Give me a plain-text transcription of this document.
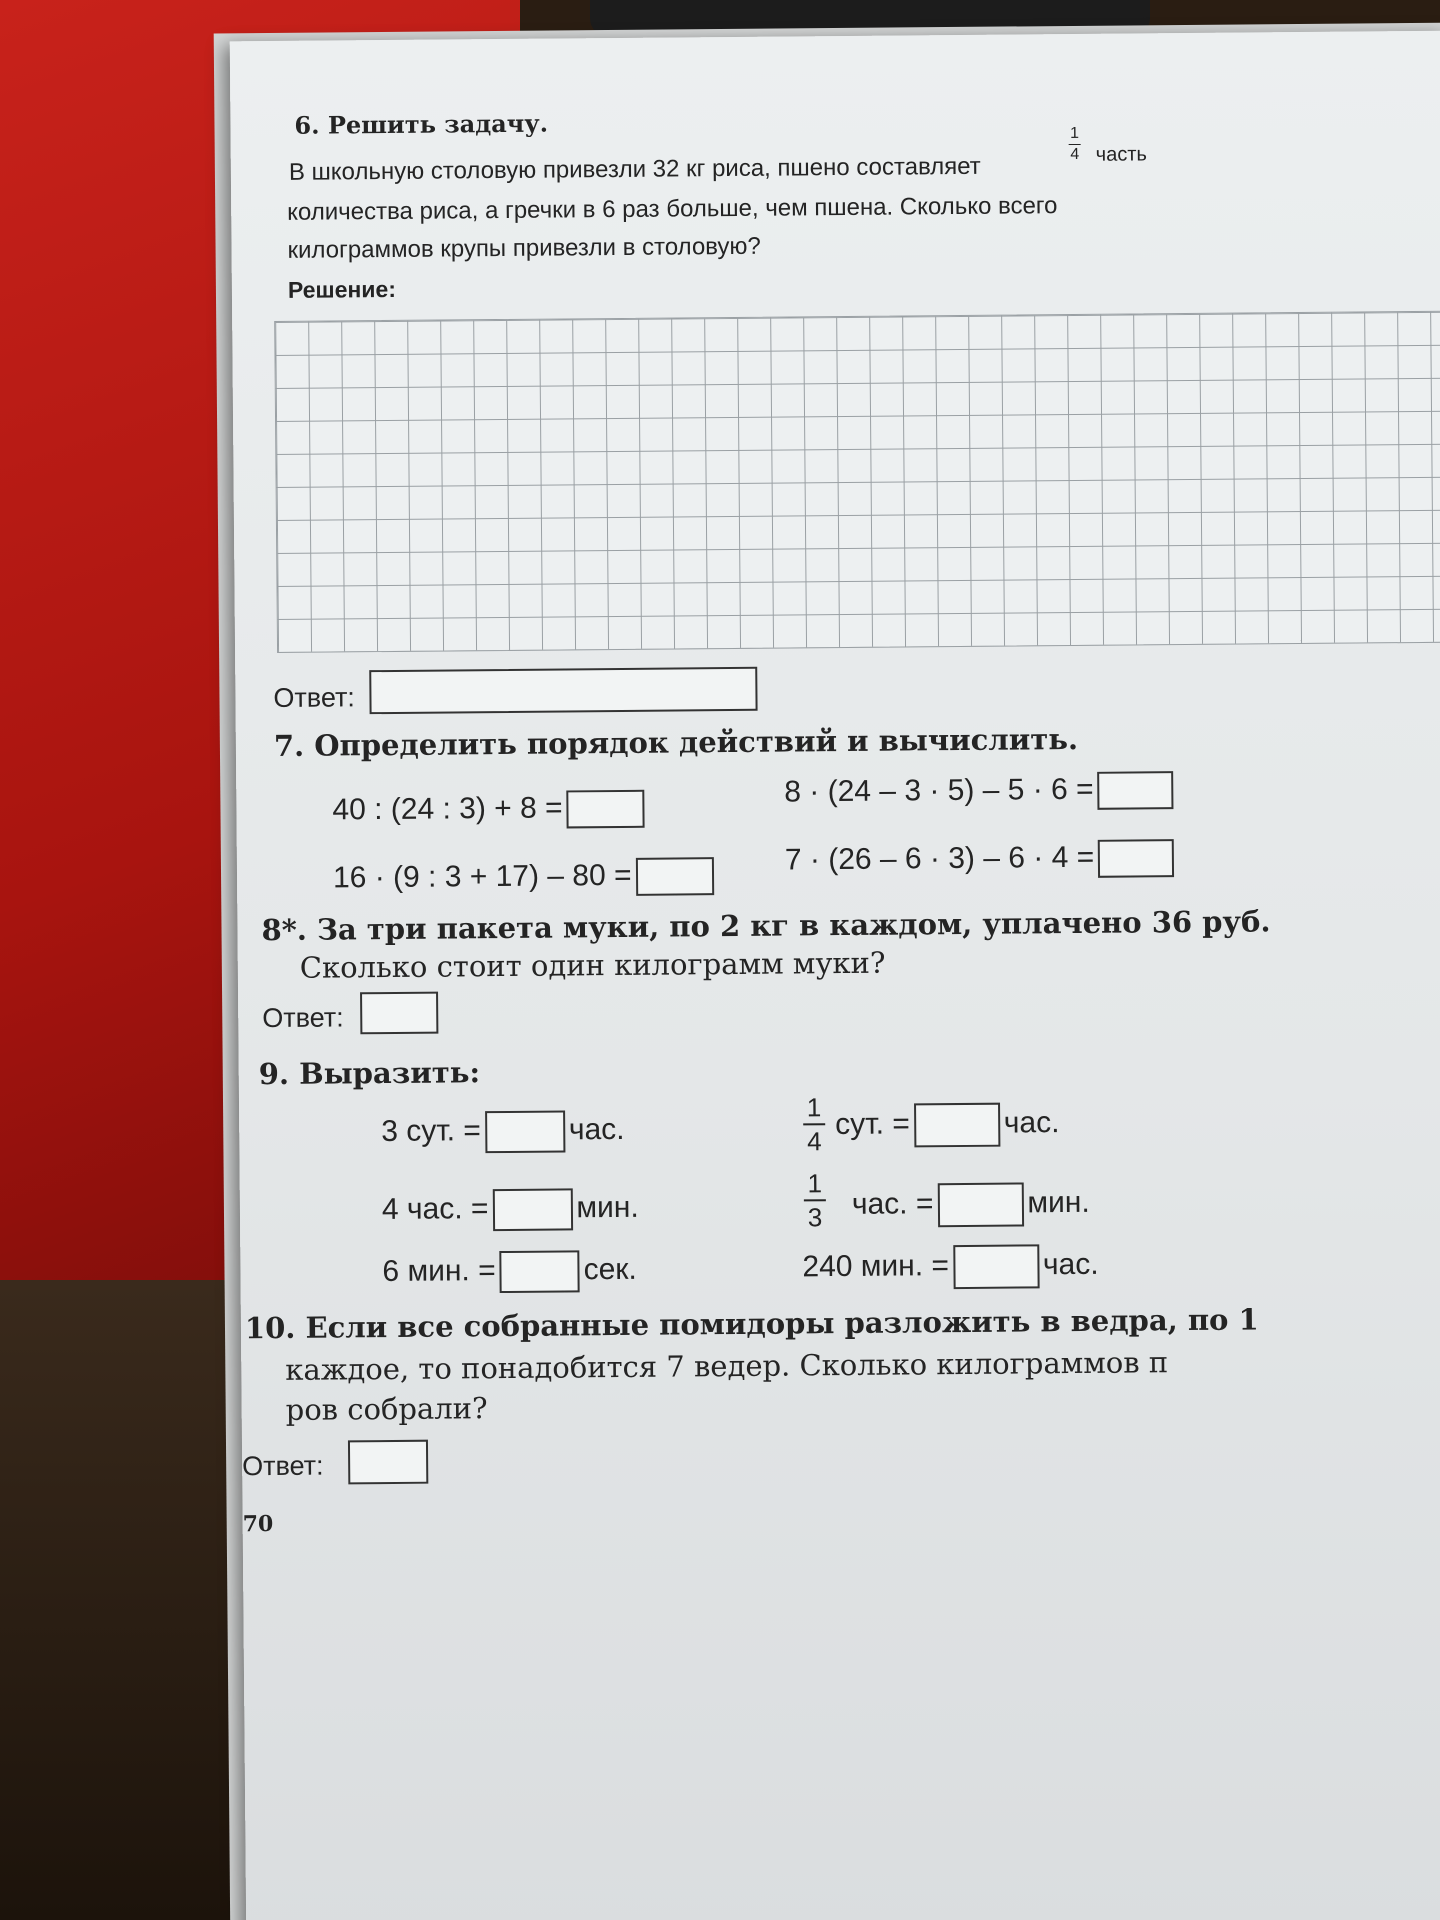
6. Решить задачу.
В школьную столовую привезли 32 кг риса, пшено составляет
1
4 часть
количества риса, а гречки в 6 раз больше, чем пшена. Сколько всего
килограммов крупы привезли в столовую?
Решение:
Ответ:
7. Определить порядок действий и вычислить.
40 : (24 : 3) + 8 =
16 · (9 : 3 + 17) – 80 =
8 · (24 – 3 · 5) – 5 · 6 =
7 · (26 – 6 · 3) – 6 · 4 =
8*. За три пакета муки, по 2 кг в каждом, уплачено 36 руб.
Сколько стоит один килограмм муки?
Ответ:
9. Выразить:
3 сут. =	час.
4 час. =	мин.
6 мин. =	сек.
1
4
сут. =	час.
1
3 час. =	мин.
240 мин. =	час.
10. Если все собранные помидоры разложить в ведра, по 1
каждое, то понадобится 7 ведер. Сколько килограммов п
ров собрали?
Ответ:
70
